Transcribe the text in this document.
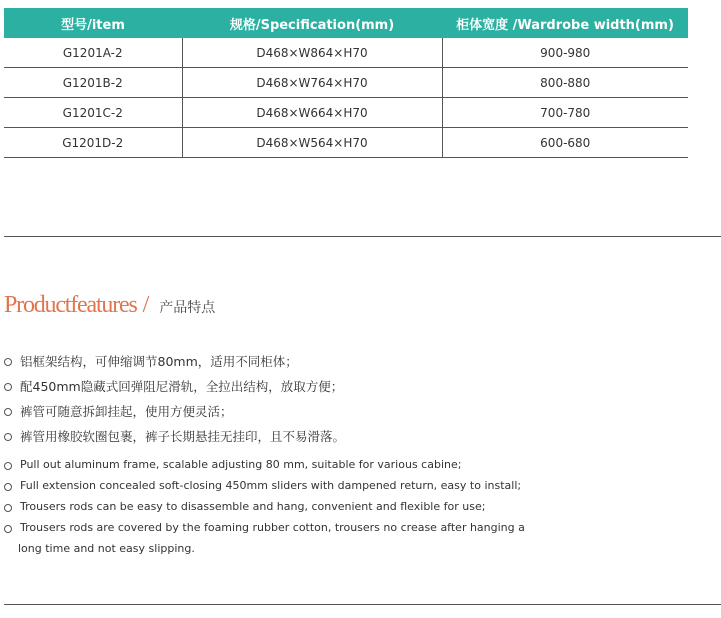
型号/item	规格/Specification(mm)	柜体宽度 /Wardrobe width(mm)
G1201A-2	D468×W864×H70	900-980
G1201B-2	D468×W764×H70	800-880
G1201C-2	D468×W664×H70	700-780
G1201D-2	D468×W564×H70	600-680
Productfeatures / 产品特点
铝框架结构，可伸缩调节80mm，适用不同柜体；
配450mm隐藏式回弹阻尼滑轨，全拉出结构，放取方便；
裤管可随意拆卸挂起，使用方便灵活；
裤管用橡胶软圈包裹，裤子长期悬挂无挂印，且不易滑落。
Pull out aluminum frame, scalable adjusting 80 mm, suitable for various cabine;
Full extension concealed soft-closing 450mm sliders with dampened return, easy to install;
Trousers rods can be easy to disassemble and hang, convenient and flexible for use;
Trousers rods are covered by the foaming rubber cotton, trousers no crease after hanging a
long time and not easy slipping.
